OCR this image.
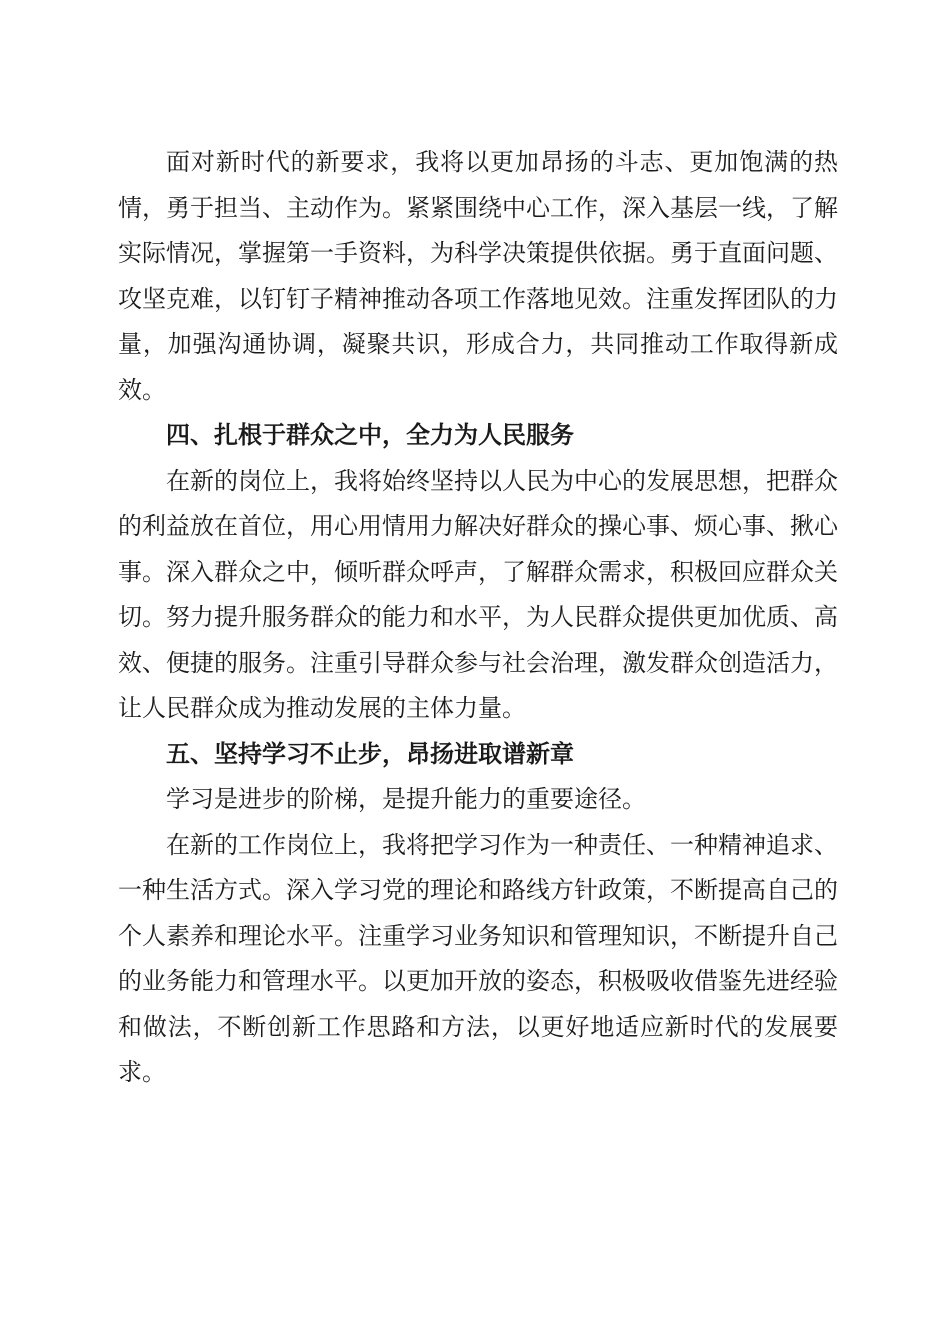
面对新时代的新要求，我将以更加昂扬的斗志、更加饱满的热情，勇于担当、主动作为。紧紧围绕中心工作，深入基层一线，了解实际情况，掌握第一手资料，为科学决策提供依据。勇于直面问题、攻坚克难，以钉钉子精神推动各项工作落地见效。注重发挥团队的力量，加强沟通协调，凝聚共识，形成合力，共同推动工作取得新成效。

四、扎根于群众之中，全力为人民服务

在新的岗位上，我将始终坚持以人民为中心的发展思想，把群众的利益放在首位，用心用情用力解决好群众的操心事、烦心事、揪心事。深入群众之中，倾听群众呼声，了解群众需求，积极回应群众关切。努力提升服务群众的能力和水平，为人民群众提供更加优质、高效、便捷的服务。注重引导群众参与社会治理，激发群众创造活力，让人民群众成为推动发展的主体力量。

五、坚持学习不止步，昂扬进取谱新章

学习是进步的阶梯，是提升能力的重要途径。

在新的工作岗位上，我将把学习作为一种责任、一种精神追求、一种生活方式。深入学习党的理论和路线方针政策，不断提高自己的个人素养和理论水平。注重学习业务知识和管理知识，不断提升自己的业务能力和管理水平。以更加开放的姿态，积极吸收借鉴先进经验和做法，不断创新工作思路和方法，以更好地适应新时代的发展要求。
